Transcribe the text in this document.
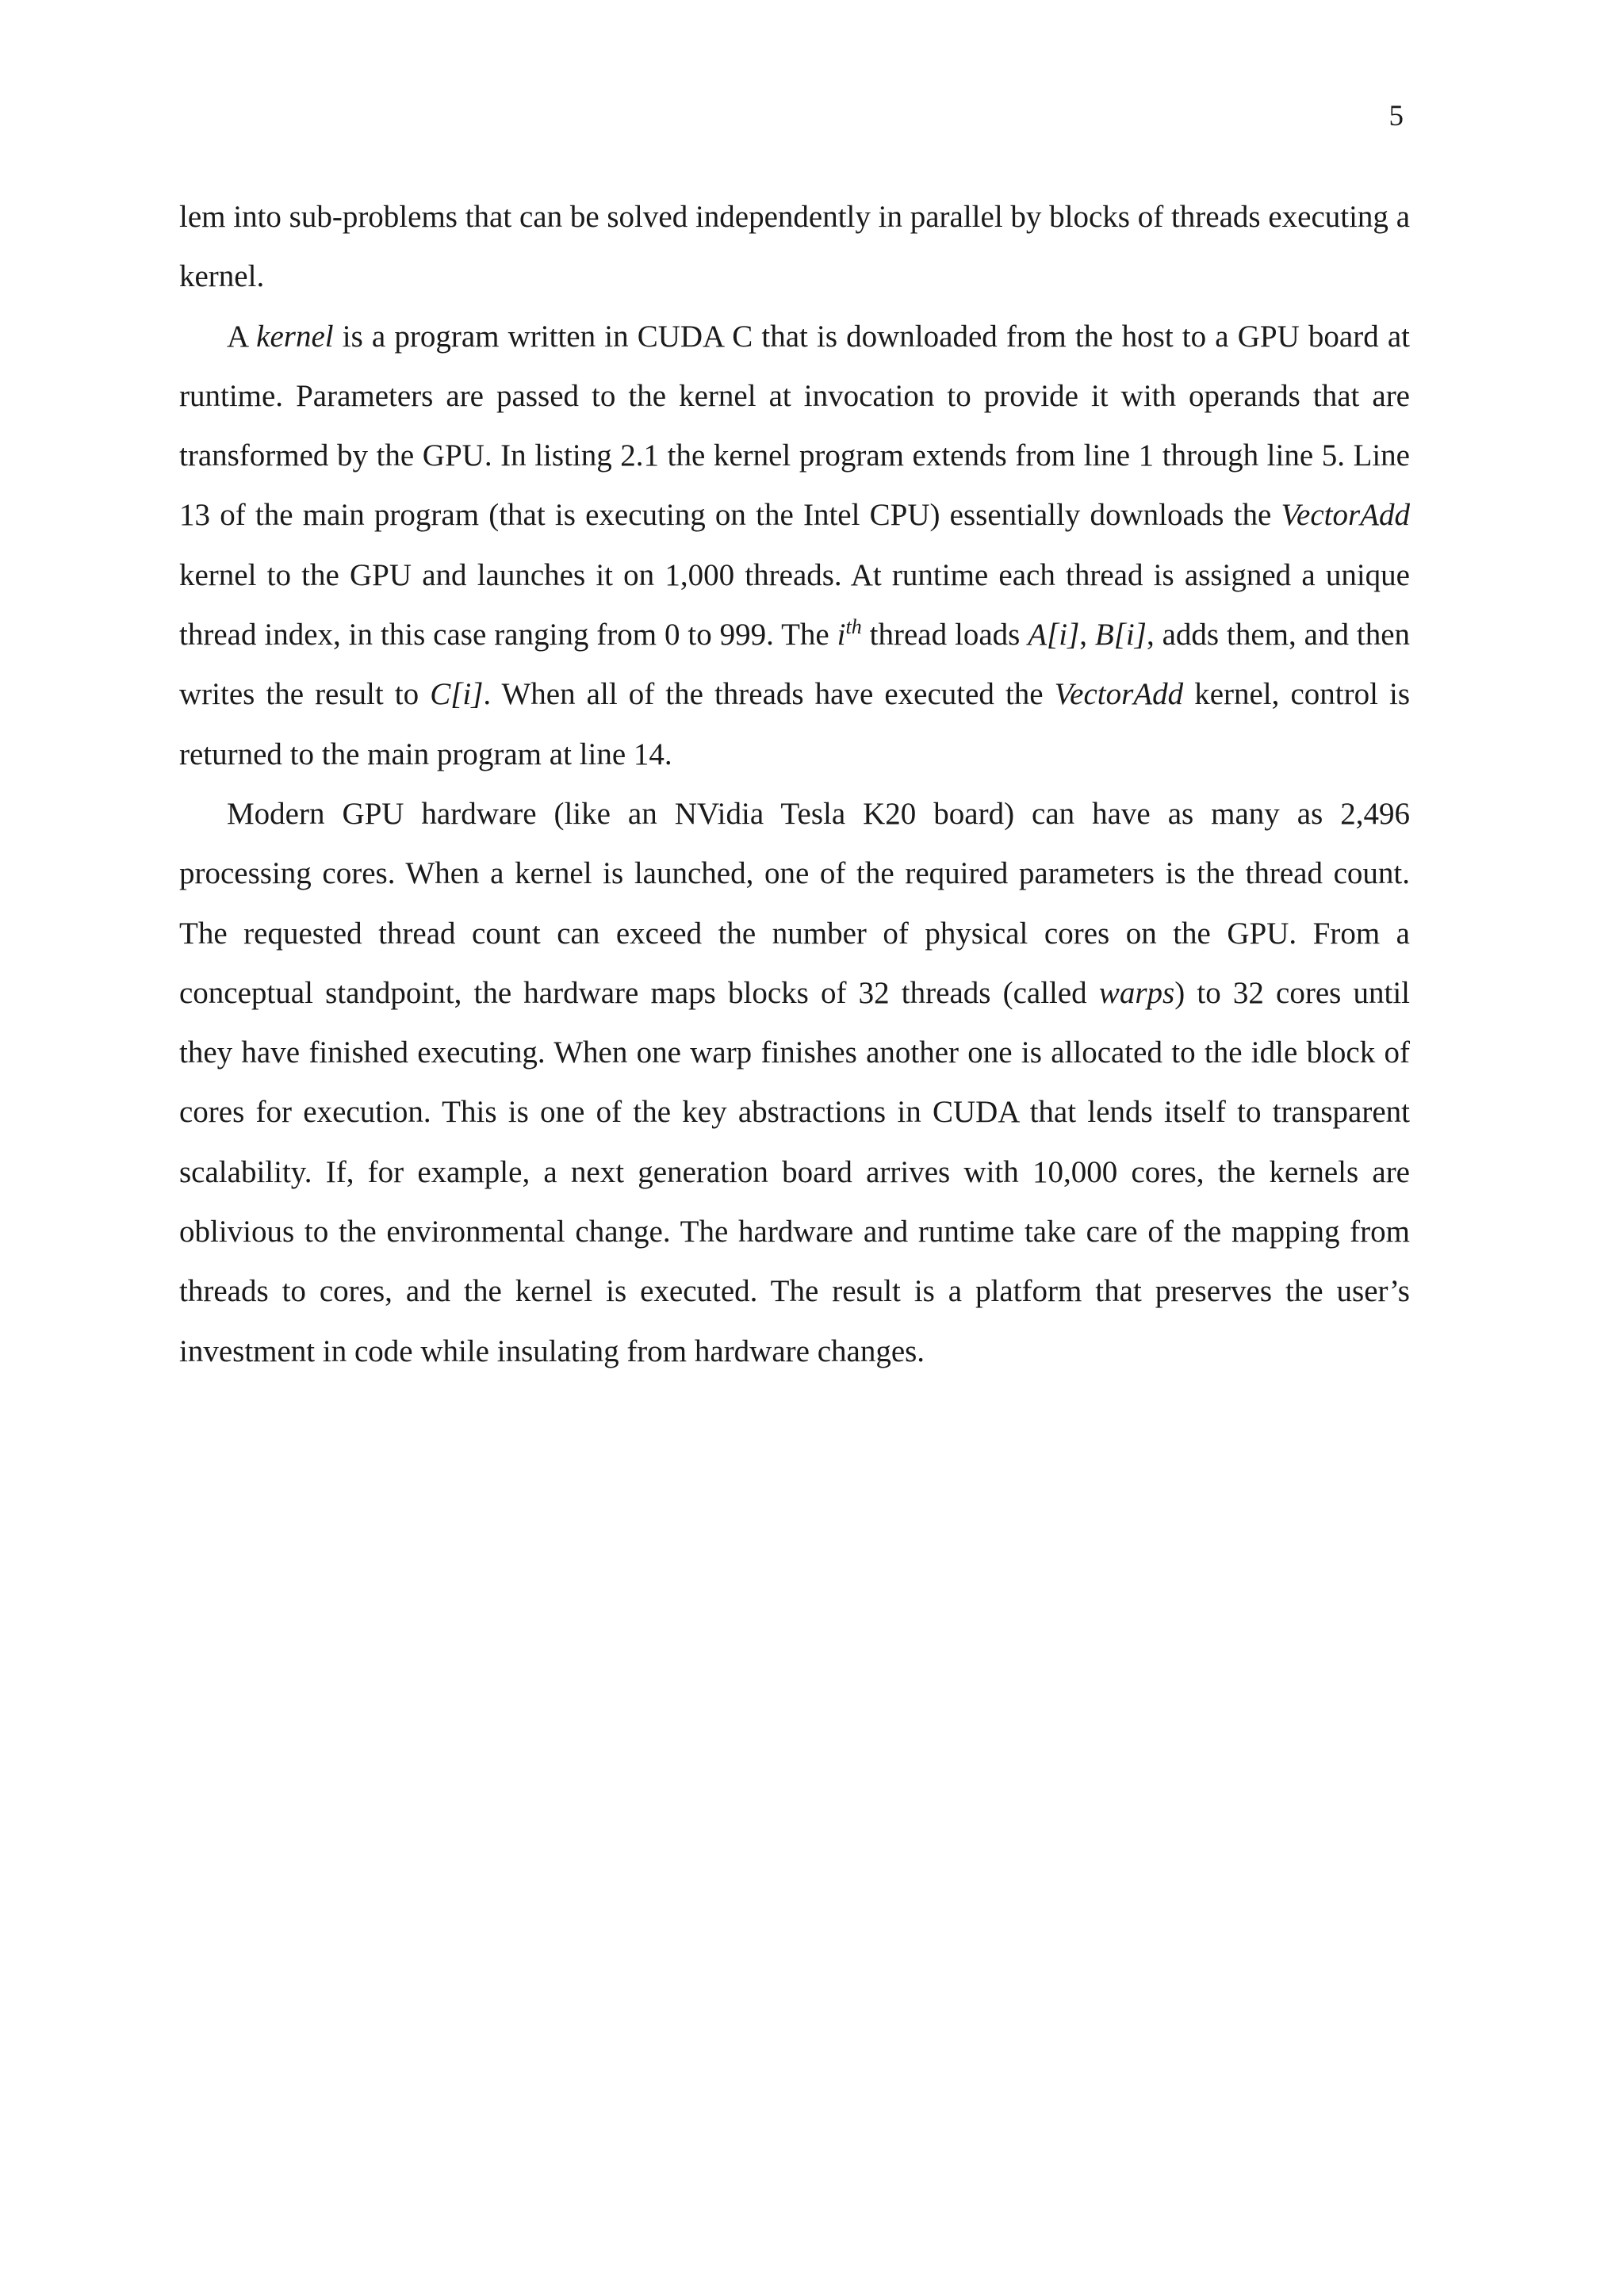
5

lem into sub-problems that can be solved independently in parallel by blocks of threads executing a kernel.

A kernel is a program written in CUDA C that is downloaded from the host to a GPU board at runtime. Parameters are passed to the kernel at invocation to provide it with operands that are transformed by the GPU. In listing 2.1 the kernel program extends from line 1 through line 5. Line 13 of the main program (that is executing on the Intel CPU) essentially downloads the VectorAdd kernel to the GPU and launches it on 1,000 threads. At runtime each thread is assigned a unique thread index, in this case ranging from 0 to 999. The $i^{th}$ thread loads A[i], B[i], adds them, and then writes the result to C[i]. When all of the threads have executed the VectorAdd kernel, control is returned to the main program at line 14.

Modern GPU hardware (like an NVidia Tesla K20 board) can have as many as 2,496 processing cores. When a kernel is launched, one of the required parameters is the thread count. The requested thread count can exceed the number of physical cores on the GPU. From a conceptual standpoint, the hardware maps blocks of 32 threads (called warps) to 32 cores until they have finished executing. When one warp finishes another one is allocated to the idle block of cores for execution. This is one of the key abstractions in CUDA that lends itself to transparent scalability. If, for example, a next generation board arrives with 10,000 cores, the kernels are oblivious to the environmental change. The hardware and runtime take care of the mapping from threads to cores, and the kernel is executed. The result is a platform that preserves the user’s investment in code while insulating from hardware changes.
